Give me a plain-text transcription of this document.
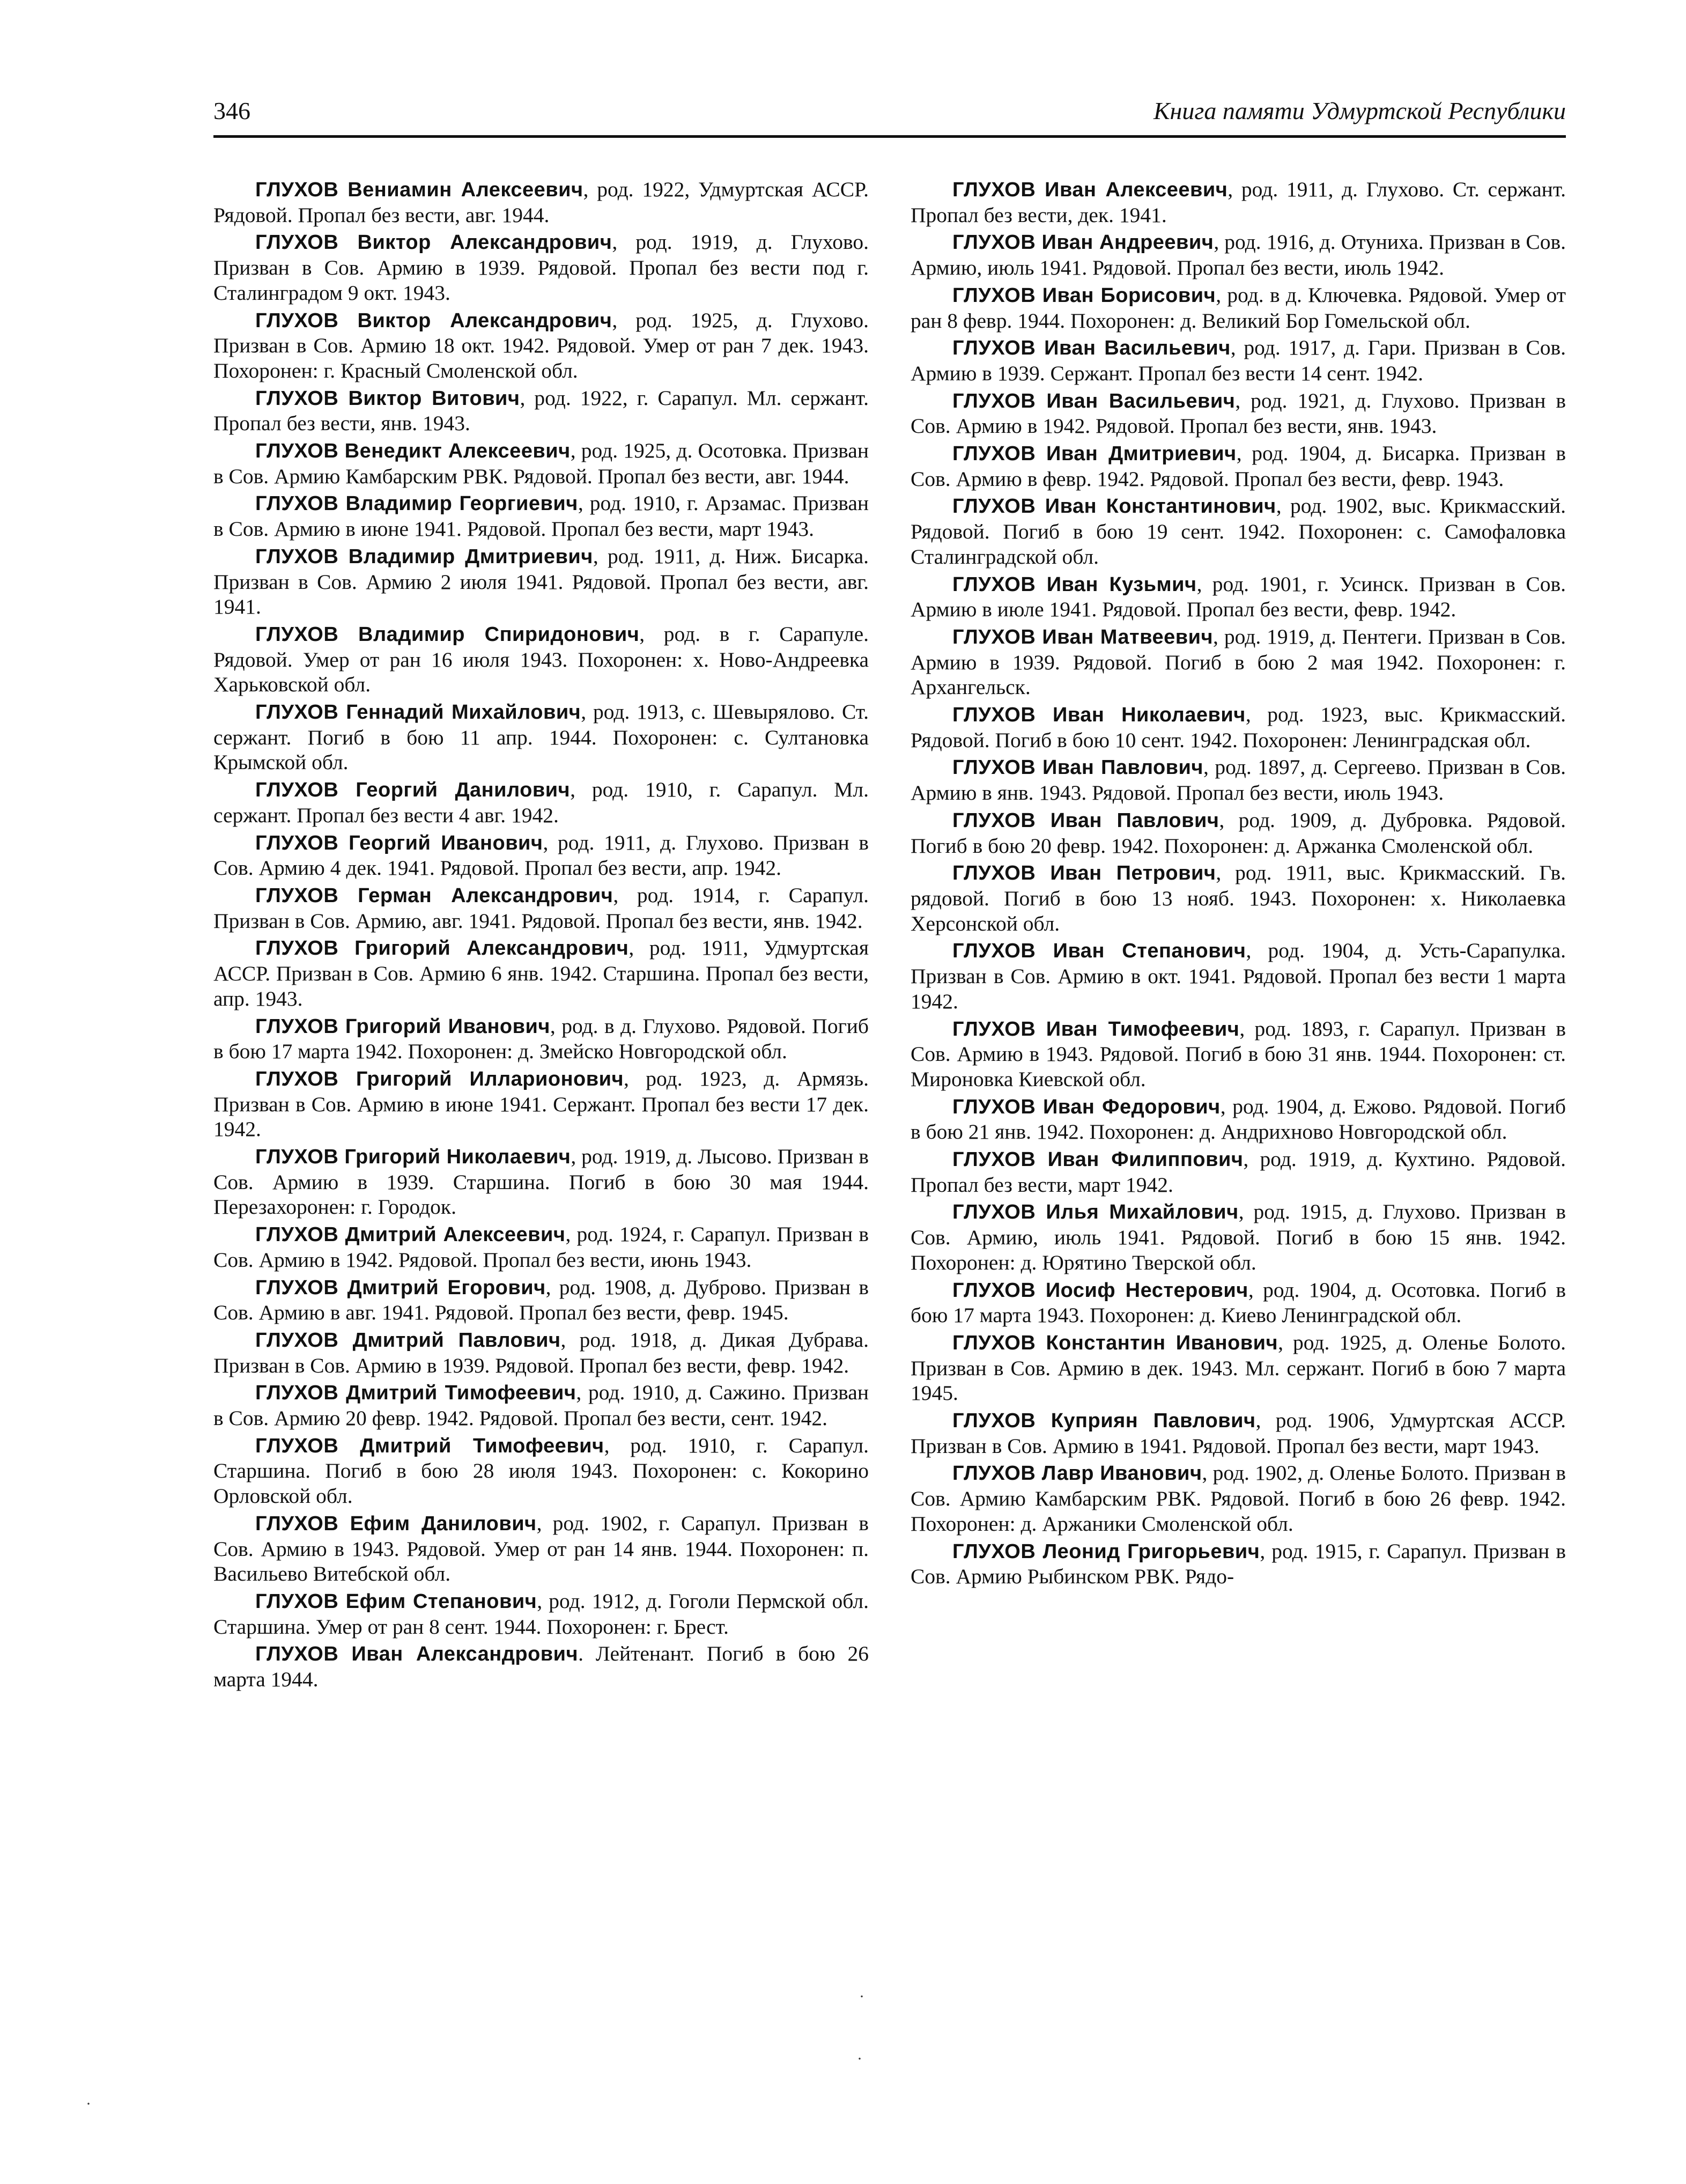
346	Книга памяти Удмуртской Республики

ГЛУХОВ Вениамин Алексеевич, род. 1922, Удмуртская АССР. Рядовой. Пропал без вести, авг. 1944.

ГЛУХОВ Виктор Александрович, род. 1919, д. Глухово. Призван в Сов. Армию в 1939. Рядовой. Пропал без вести под г. Сталинградом 9 окт. 1943.

ГЛУХОВ Виктор Александрович, род. 1925, д. Глухово. Призван в Сов. Армию 18 окт. 1942. Рядовой. Умер от ран 7 дек. 1943. Похоронен: г. Красный Смоленской обл.

ГЛУХОВ Виктор Витович, род. 1922, г. Сарапул. Мл. сержант. Пропал без вести, янв. 1943.

ГЛУХОВ Венедикт Алексеевич, род. 1925, д. Осотовка. Призван в Сов. Армию Камбарским РВК. Рядовой. Пропал без вести, авг. 1944.

ГЛУХОВ Владимир Георгиевич, род. 1910, г. Арзамас. Призван в Сов. Армию в июне 1941. Рядовой. Пропал без вести, март 1943.

ГЛУХОВ Владимир Дмитриевич, род. 1911, д. Ниж. Бисарка. Призван в Сов. Армию 2 июля 1941. Рядовой. Пропал без вести, авг. 1941.

ГЛУХОВ Владимир Спиридонович, род. в г. Сарапуле. Рядовой. Умер от ран 16 июля 1943. Похоронен: х. Ново-Андреевка Харьковской обл.

ГЛУХОВ Геннадий Михайлович, род. 1913, с. Шевырялово. Ст. сержант. Погиб в бою 11 апр. 1944. Похоронен: с. Султановка Крымской обл.

ГЛУХОВ Георгий Данилович, род. 1910, г. Сарапул. Мл. сержант. Пропал без вести 4 авг. 1942.

ГЛУХОВ Георгий Иванович, род. 1911, д. Глухово. Призван в Сов. Армию 4 дек. 1941. Рядовой. Пропал без вести, апр. 1942.

ГЛУХОВ Герман Александрович, род. 1914, г. Сарапул. Призван в Сов. Армию, авг. 1941. Рядовой. Пропал без вести, янв. 1942.

ГЛУХОВ Григорий Александрович, род. 1911, Удмуртская АССР. Призван в Сов. Армию 6 янв. 1942. Старшина. Пропал без вести, апр. 1943.

ГЛУХОВ Григорий Иванович, род. в д. Глухово. Рядовой. Погиб в бою 17 марта 1942. Похоронен: д. Змейско Новгородской обл.

ГЛУХОВ Григорий Илларионович, род. 1923, д. Армязь. Призван в Сов. Армию в июне 1941. Сержант. Пропал без вести 17 дек. 1942.

ГЛУХОВ Григорий Николаевич, род. 1919, д. Лысово. Призван в Сов. Армию в 1939. Старшина. Погиб в бою 30 мая 1944. Перезахоронен: г. Городок.

ГЛУХОВ Дмитрий Алексеевич, род. 1924, г. Сарапул. Призван в Сов. Армию в 1942. Рядовой. Пропал без вести, июнь 1943.

ГЛУХОВ Дмитрий Егорович, род. 1908, д. Дуброво. Призван в Сов. Армию в авг. 1941. Рядовой. Пропал без вести, февр. 1945.

ГЛУХОВ Дмитрий Павлович, род. 1918, д. Дикая Дубрава. Призван в Сов. Армию в 1939. Рядовой. Пропал без вести, февр. 1942.

ГЛУХОВ Дмитрий Тимофеевич, род. 1910, д. Сажино. Призван в Сов. Армию 20 февр. 1942. Рядовой. Пропал без вести, сент. 1942.

ГЛУХОВ Дмитрий Тимофеевич, род. 1910, г. Сарапул. Старшина. Погиб в бою 28 июля 1943. Похоронен: с. Кокорино Орловской обл.

ГЛУХОВ Ефим Данилович, род. 1902, г. Сарапул. Призван в Сов. Армию в 1943. Рядовой. Умер от ран 14 янв. 1944. Похоронен: п. Васильево Витебской обл.

ГЛУХОВ Ефим Степанович, род. 1912, д. Гоголи Пермской обл. Старшина. Умер от ран 8 сент. 1944. Похоронен: г. Брест.

ГЛУХОВ Иван Александрович. Лейтенант. Погиб в бою 26 марта 1944.

ГЛУХОВ Иван Алексеевич, род. 1911, д. Глухово. Ст. сержант. Пропал без вести, дек. 1941.

ГЛУХОВ Иван Андреевич, род. 1916, д. Отуниха. Призван в Сов. Армию, июль 1941. Рядовой. Пропал без вести, июль 1942.

ГЛУХОВ Иван Борисович, род. в д. Ключевка. Рядовой. Умер от ран 8 февр. 1944. Похоронен: д. Великий Бор Гомельской обл.

ГЛУХОВ Иван Васильевич, род. 1917, д. Гари. Призван в Сов. Армию в 1939. Сержант. Пропал без вести 14 сент. 1942.

ГЛУХОВ Иван Васильевич, род. 1921, д. Глухово. Призван в Сов. Армию в 1942. Рядовой. Пропал без вести, янв. 1943.

ГЛУХОВ Иван Дмитриевич, род. 1904, д. Бисарка. Призван в Сов. Армию в февр. 1942. Рядовой. Пропал без вести, февр. 1943.

ГЛУХОВ Иван Константинович, род. 1902, выс. Крикмасский. Рядовой. Погиб в бою 19 сент. 1942. Похоронен: с. Самофаловка Сталинградской обл.

ГЛУХОВ Иван Кузьмич, род. 1901, г. Усинск. Призван в Сов. Армию в июле 1941. Рядовой. Пропал без вести, февр. 1942.

ГЛУХОВ Иван Матвеевич, род. 1919, д. Пентеги. Призван в Сов. Армию в 1939. Рядовой. Погиб в бою 2 мая 1942. Похоронен: г. Архангельск.

ГЛУХОВ Иван Николаевич, род. 1923, выс. Крикмасский. Рядовой. Погиб в бою 10 сент. 1942. Похоронен: Ленинградская обл.

ГЛУХОВ Иван Павлович, род. 1897, д. Сергеево. Призван в Сов. Армию в янв. 1943. Рядовой. Пропал без вести, июль 1943.

ГЛУХОВ Иван Павлович, род. 1909, д. Дубровка. Рядовой. Погиб в бою 20 февр. 1942. Похоронен: д. Аржанка Смоленской обл.

ГЛУХОВ Иван Петрович, род. 1911, выс. Крикмасский. Гв. рядовой. Погиб в бою 13 нояб. 1943. Похоронен: х. Николаевка Херсонской обл.

ГЛУХОВ Иван Степанович, род. 1904, д. Усть-Сарапулка. Призван в Сов. Армию в окт. 1941. Рядовой. Пропал без вести 1 марта 1942.

ГЛУХОВ Иван Тимофеевич, род. 1893, г. Сарапул. Призван в Сов. Армию в 1943. Рядовой. Погиб в бою 31 янв. 1944. Похоронен: ст. Мироновка Киевской обл.

ГЛУХОВ Иван Федорович, род. 1904, д. Ежово. Рядовой. Погиб в бою 21 янв. 1942. Похоронен: д. Андрихново Новгородской обл.

ГЛУХОВ Иван Филиппович, род. 1919, д. Кухтино. Рядовой. Пропал без вести, март 1942.

ГЛУХОВ Илья Михайлович, род. 1915, д. Глухово. Призван в Сов. Армию, июль 1941. Рядовой. Погиб в бою 15 янв. 1942. Похоронен: д. Юрятино Тверской обл.

ГЛУХОВ Иосиф Нестерович, род. 1904, д. Осотовка. Погиб в бою 17 марта 1943. Похоронен: д. Киево Ленинградской обл.

ГЛУХОВ Константин Иванович, род. 1925, д. Оленье Болото. Призван в Сов. Армию в дек. 1943. Мл. сержант. Погиб в бою 7 марта 1945.

ГЛУХОВ Куприян Павлович, род. 1906, Удмуртская АССР. Призван в Сов. Армию в 1941. Рядовой. Пропал без вести, март 1943.

ГЛУХОВ Лавр Иванович, род. 1902, д. Оленье Болото. Призван в Сов. Армию Камбарским РВК. Рядовой. Погиб в бою 26 февр. 1942. Похоронен: д. Аржаники Смоленской обл.

ГЛУХОВ Леонид Григорьевич, род. 1915, г. Сарапул. Призван в Сов. Армию Рыбинском РВК. Рядо-

·
·
·
